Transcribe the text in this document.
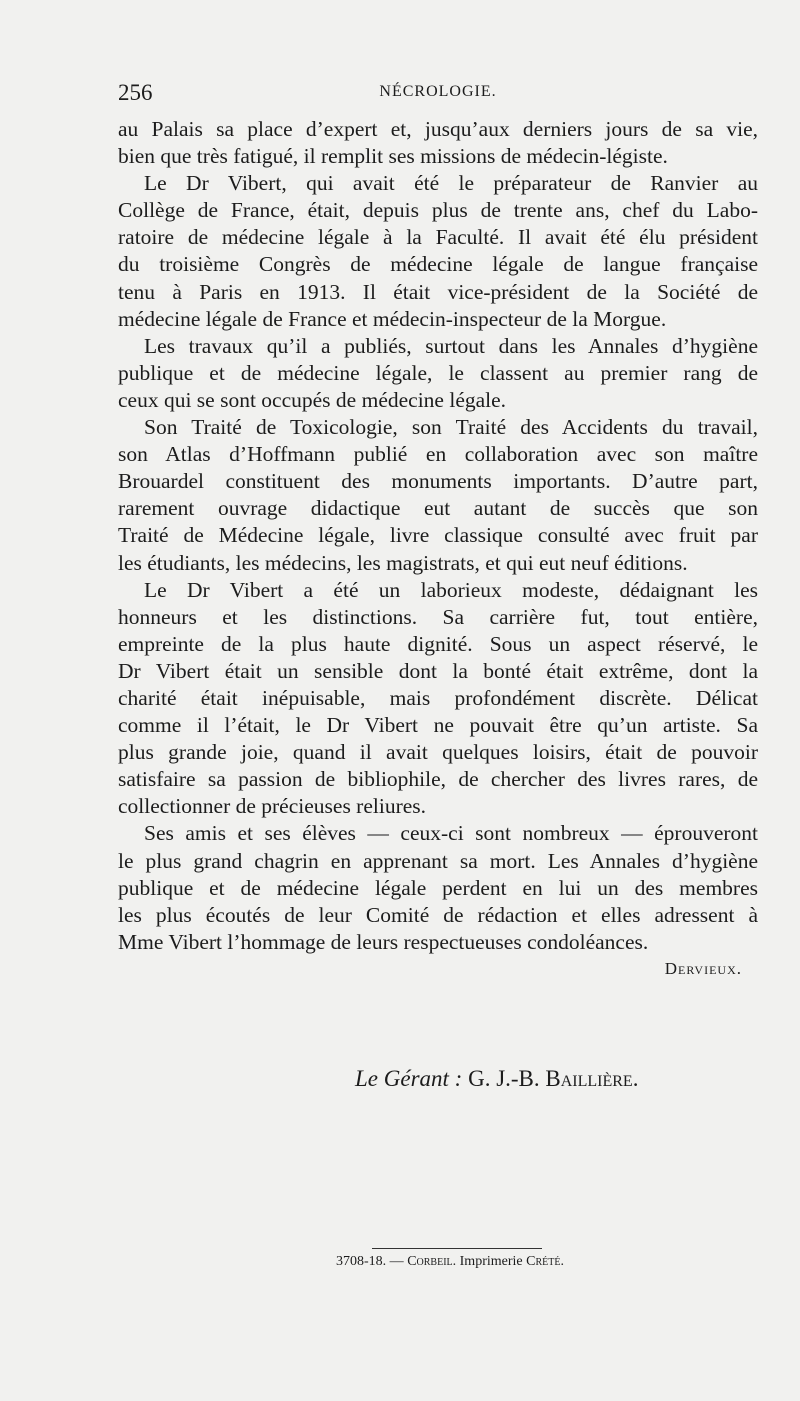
256	NÉCROLOGIE.
au Palais sa place d’expert et, jusqu’aux derniers jours de sa vie,
bien que très fatigué, il remplit ses missions de médecin-légiste.
Le Dr Vibert, qui avait été le préparateur de Ranvier au
Collège de France, était, depuis plus de trente ans, chef du Labo-
ratoire de médecine légale à la Faculté. Il avait été élu président
du troisième Congrès de médecine légale de langue française
tenu à Paris en 1913. Il était vice-président de la Société de
médecine légale de France et médecin-inspecteur de la Morgue.
Les travaux qu’il a publiés, surtout dans les Annales d’hygiène
publique et de médecine légale, le classent au premier rang de
ceux qui se sont occupés de médecine légale.
Son Traité de Toxicologie, son Traité des Accidents du travail,
son Atlas d’Hoffmann publié en collaboration avec son maître
Brouardel constituent des monuments importants. D’autre part,
rarement ouvrage didactique eut autant de succès que son
Traité de Médecine légale, livre classique consulté avec fruit par
les étudiants, les médecins, les magistrats, et qui eut neuf éditions.
Le Dr Vibert a été un laborieux modeste, dédaignant les
honneurs et les distinctions. Sa carrière fut, tout entière,
empreinte de la plus haute dignité. Sous un aspect réservé, le
Dr Vibert était un sensible dont la bonté était extrême, dont la
charité était inépuisable, mais profondément discrète. Délicat
comme il l’était, le Dr Vibert ne pouvait être qu’un artiste. Sa
plus grande joie, quand il avait quelques loisirs, était de pouvoir
satisfaire sa passion de bibliophile, de chercher des livres rares, de
collectionner de précieuses reliures.
Ses amis et ses élèves — ceux-ci sont nombreux — éprouveront
le plus grand chagrin en apprenant sa mort. Les Annales d’hygiène
publique et de médecine légale perdent en lui un des membres
les plus écoutés de leur Comité de rédaction et elles adressent à
Mme Vibert l’hommage de leurs respectueuses condoléances.
Dervieux.
Le Gérant : G. J.-B. Baillière.
3708-18. — Corbeil. Imprimerie Crété.
